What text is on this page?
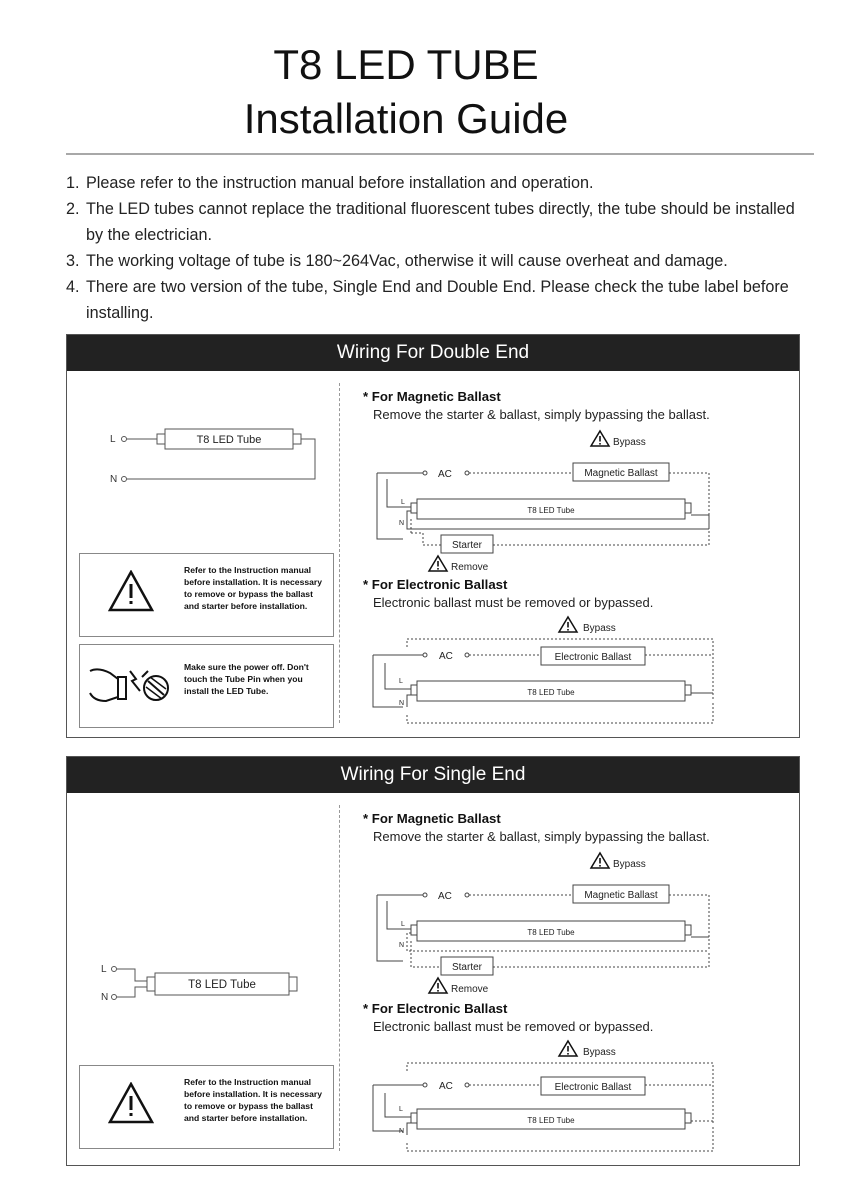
T8 LED TUBE
Installation Guide
1. Please refer to the instruction manual before installation and operation.
2. The LED tubes cannot replace the traditional fluorescent tubes directly, the tube should be installed by the electrician.
3. The working voltage of tube is 180~264Vac, otherwise it will cause overheat and damage.
4. There are two version of the tube, Single End and Double End. Please check the tube label before installing.
Wiring For Double End
L
N
T8 LED Tube
Refer to the Instruction manual before installation. It is necessary to remove or bypass the ballast and starter before installation.
Make sure the power off. Don't touch the Tube Pin when you install the LED Tube.
* For Magnetic Ballast
Remove the starter & ballast, simply bypassing the ballast.
Bypass
AC	Magnetic Ballast
L
N
T8 LED Tube
Starter
Remove
* For Electronic Ballast
Electronic ballast must be removed or bypassed.
Bypass
AC	Electronic Ballast
L
N
T8 LED Tube
Wiring For Single End
L
N
T8 LED Tube
Refer to the Instruction manual before installation. It is necessary to remove or bypass the ballast and starter before installation.
* For Magnetic Ballast
Remove the starter & ballast, simply bypassing the ballast.
Bypass
AC	Magnetic Ballast
L
N
T8 LED Tube
Starter
Remove
* For Electronic Ballast
Electronic ballast must be removed or bypassed.
Bypass
AC	Electronic Ballast
L
N
T8 LED Tube
